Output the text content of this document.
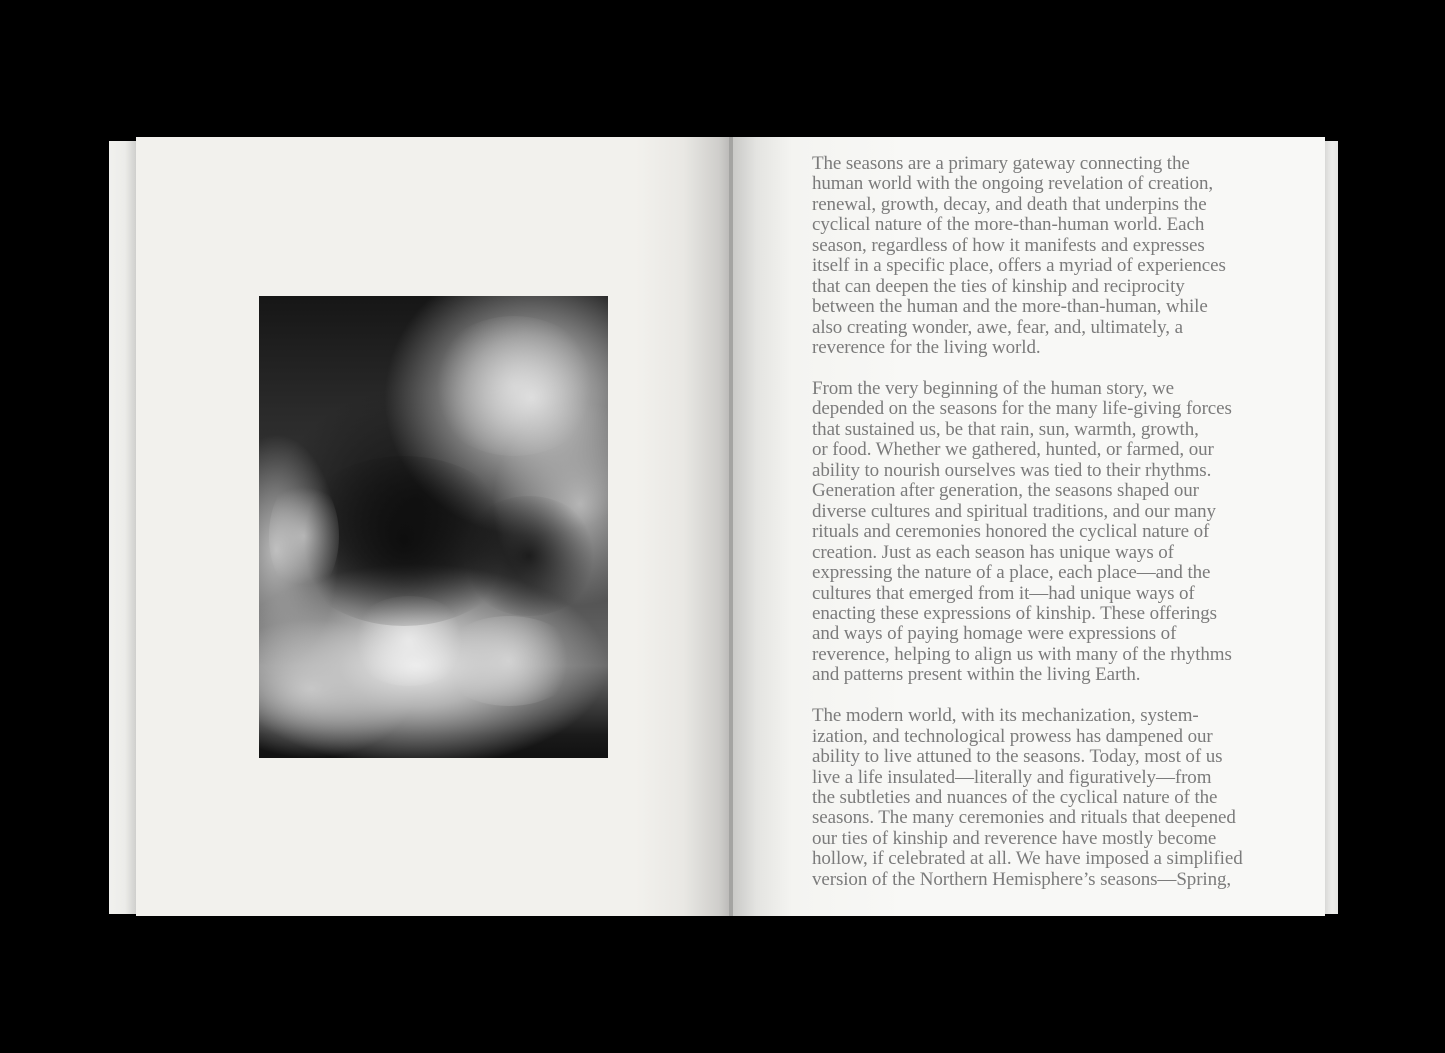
The seasons are a primary gateway connecting the
human world with the ongoing revelation of creation,
renewal, growth, decay, and death that underpins the
cyclical nature of the more-than-human world. Each
season, regardless of how it manifests and expresses
itself in a specific place, offers a myriad of experiences
that can deepen the ties of kinship and reciprocity
between the human and the more-than-human, while
also creating wonder, awe, fear, and, ultimately, a
reverence for the living world.

From the very beginning of the human story, we
depended on the seasons for the many life-giving forces
that sustained us, be that rain, sun, warmth, growth,
or food. Whether we gathered, hunted, or farmed, our
ability to nourish ourselves was tied to their rhythms.
Generation after generation, the seasons shaped our
diverse cultures and spiritual traditions, and our many
rituals and ceremonies honored the cyclical nature of
creation. Just as each season has unique ways of
expressing the nature of a place, each place—and the
cultures that emerged from it—had unique ways of
enacting these expressions of kinship. These offerings
and ways of paying homage were expressions of
reverence, helping to align us with many of the rhythms
and patterns present within the living Earth.

The modern world, with its mechanization, system-
ization, and technological prowess has dampened our
ability to live attuned to the seasons. Today, most of us
live a life insulated—literally and figuratively—from
the subtleties and nuances of the cyclical nature of the
seasons. The many ceremonies and rituals that deepened
our ties of kinship and reverence have mostly become
hollow, if celebrated at all. We have imposed a simplified
version of the Northern Hemisphere’s seasons—Spring,
